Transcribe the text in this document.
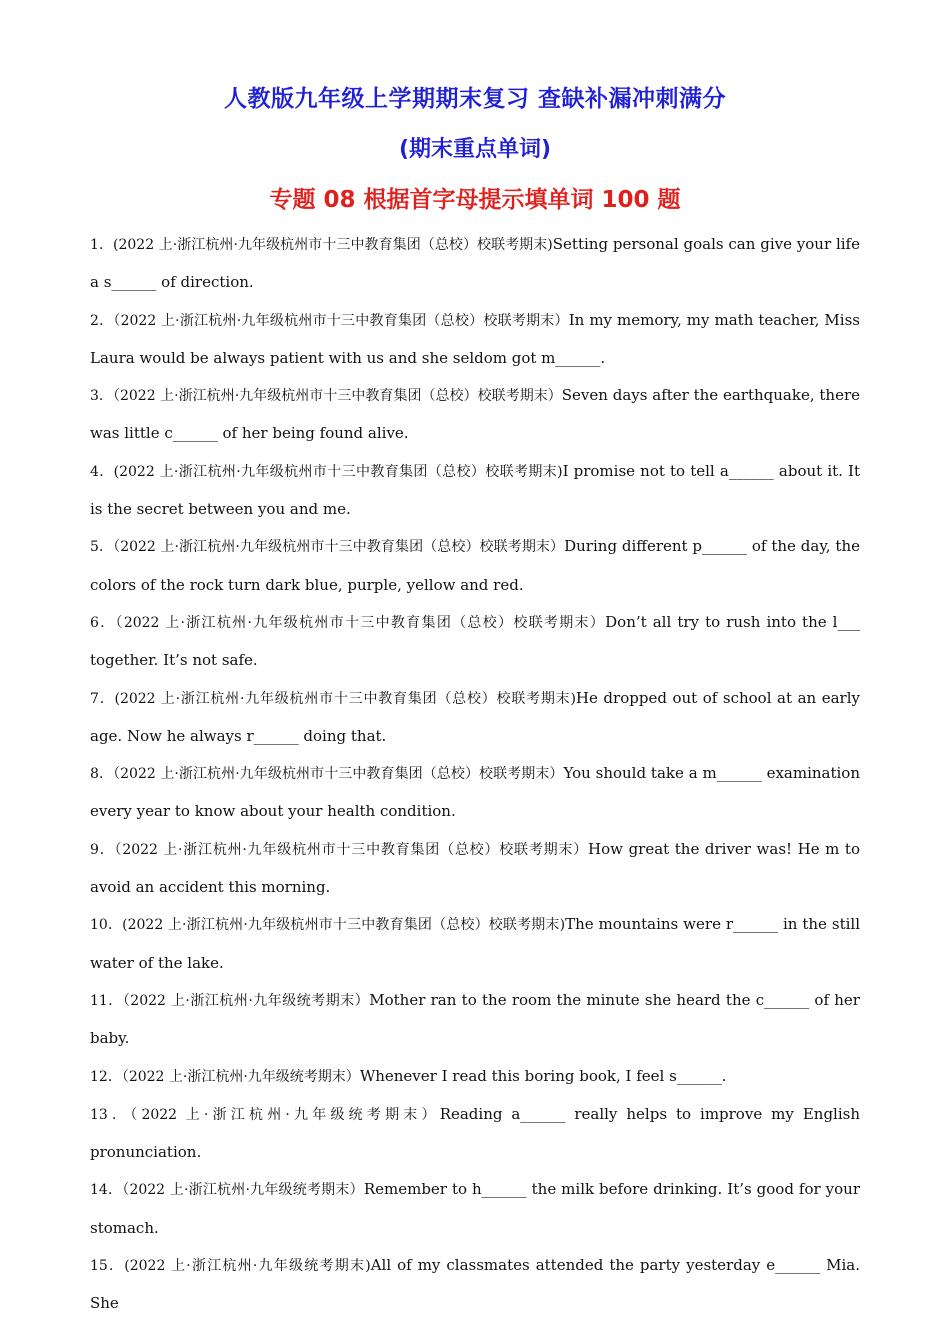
人教版九年级上学期期末复习 查缺补漏冲刺满分
(期末重点单词)
专题 08 根据首字母提示填单词 100 题

1．(2022 上·浙江杭州·九年级杭州市十三中教育集团（总校）校联考期末)Setting personal goals can give your life a s______ of direction.

2．（2022 上·浙江杭州·九年级杭州市十三中教育集团（总校）校联考期末）In my memory, my math teacher, Miss Laura would be always patient with us and she seldom got m______.

3．（2022 上·浙江杭州·九年级杭州市十三中教育集团（总校）校联考期末）Seven days after the earthquake, there was little c______ of her being found alive.

4．(2022 上·浙江杭州·九年级杭州市十三中教育集团（总校）校联考期末)I promise not to tell a______ about it. It is the secret between you and me.

5．（2022 上·浙江杭州·九年级杭州市十三中教育集团（总校）校联考期末）During different p______ of the day, the colors of the rock turn dark blue, purple, yellow and red.

6．（2022 上·浙江杭州·九年级杭州市十三中教育集团（总校）校联考期末）Don’t all try to rush into the l___ together. It’s not safe.

7．(2022 上·浙江杭州·九年级杭州市十三中教育集团（总校）校联考期末)He dropped out of school at an early age. Now he always r______ doing that.

8．（2022 上·浙江杭州·九年级杭州市十三中教育集团（总校）校联考期末）You should take a m______ examination every year to know about your health condition.

9．（2022 上·浙江杭州·九年级杭州市十三中教育集团（总校）校联考期末）How great the driver was! He m to avoid an accident this morning.

10．(2022 上·浙江杭州·九年级杭州市十三中教育集团（总校）校联考期末)The mountains were r______ in the still water of the lake.

11．（2022 上·浙江杭州·九年级统考期末）Mother ran to the room the minute she heard the c______ of her baby.

12．（2022 上·浙江杭州·九年级统考期末）Whenever I read this boring book, I feel s______.

13．（2022 上·浙江杭州·九年级统考期末）Reading a______ really helps to improve my English pronunciation.

14．（2022 上·浙江杭州·九年级统考期末）Remember to h______ the milk before drinking. It’s good for your stomach.

15．(2022 上·浙江杭州·九年级统考期末)All of my classmates attended the party yesterday e______ Mia. She
